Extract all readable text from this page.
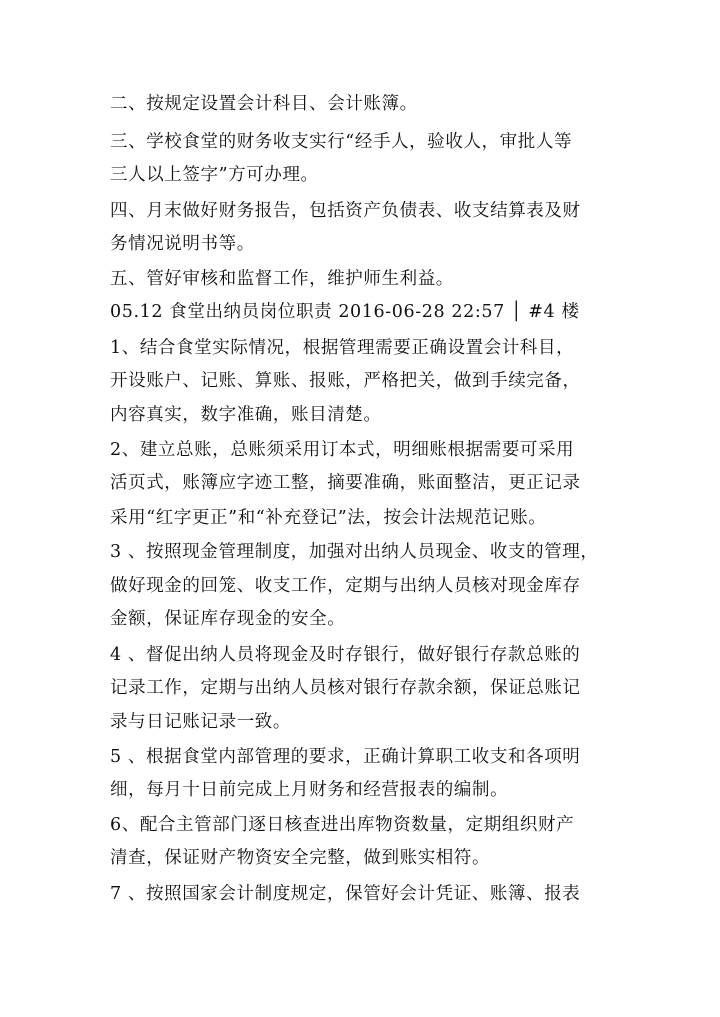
二、按规定设置会计科目、会计账簿。
三、学校食堂的财务收支实行“经手人，验收人，审批人等
三人以上签字”方可办理。
四、月末做好财务报告，包括资产负债表、收支结算表及财
务情况说明书等。
五、管好审核和监督工作，维护师生利益。
05.12 食堂出纳员岗位职责 2016-06-28 22:57 │ #4 楼
1、结合食堂实际情况，根据管理需要正确设置会计科目，
开设账户、记账、算账、报账，严格把关，做到手续完备，
内容真实，数字准确，账目清楚。
2、建立总账，总账须采用订本式，明细账根据需要可采用
活页式，账簿应字迹工整，摘要准确，账面整洁，更正记录
采用“红字更正”和“补充登记”法，按会计法规范记账。
3 、按照现金管理制度，加强对出纳人员现金、收支的管理，
做好现金的回笼、收支工作，定期与出纳人员核对现金库存
金额，保证库存现金的安全。
4 、督促出纳人员将现金及时存银行，做好银行存款总账的
记录工作，定期与出纳人员核对银行存款余额，保证总账记
录与日记账记录一致。
5 、根据食堂内部管理的要求，正确计算职工收支和各项明
细，每月十日前完成上月财务和经营报表的编制。
6、配合主管部门逐日核查进出库物资数量，定期组织财产
清查，保证财产物资安全完整，做到账实相符。
7 、按照国家会计制度规定，保管好会计凭证、账簿、报表
